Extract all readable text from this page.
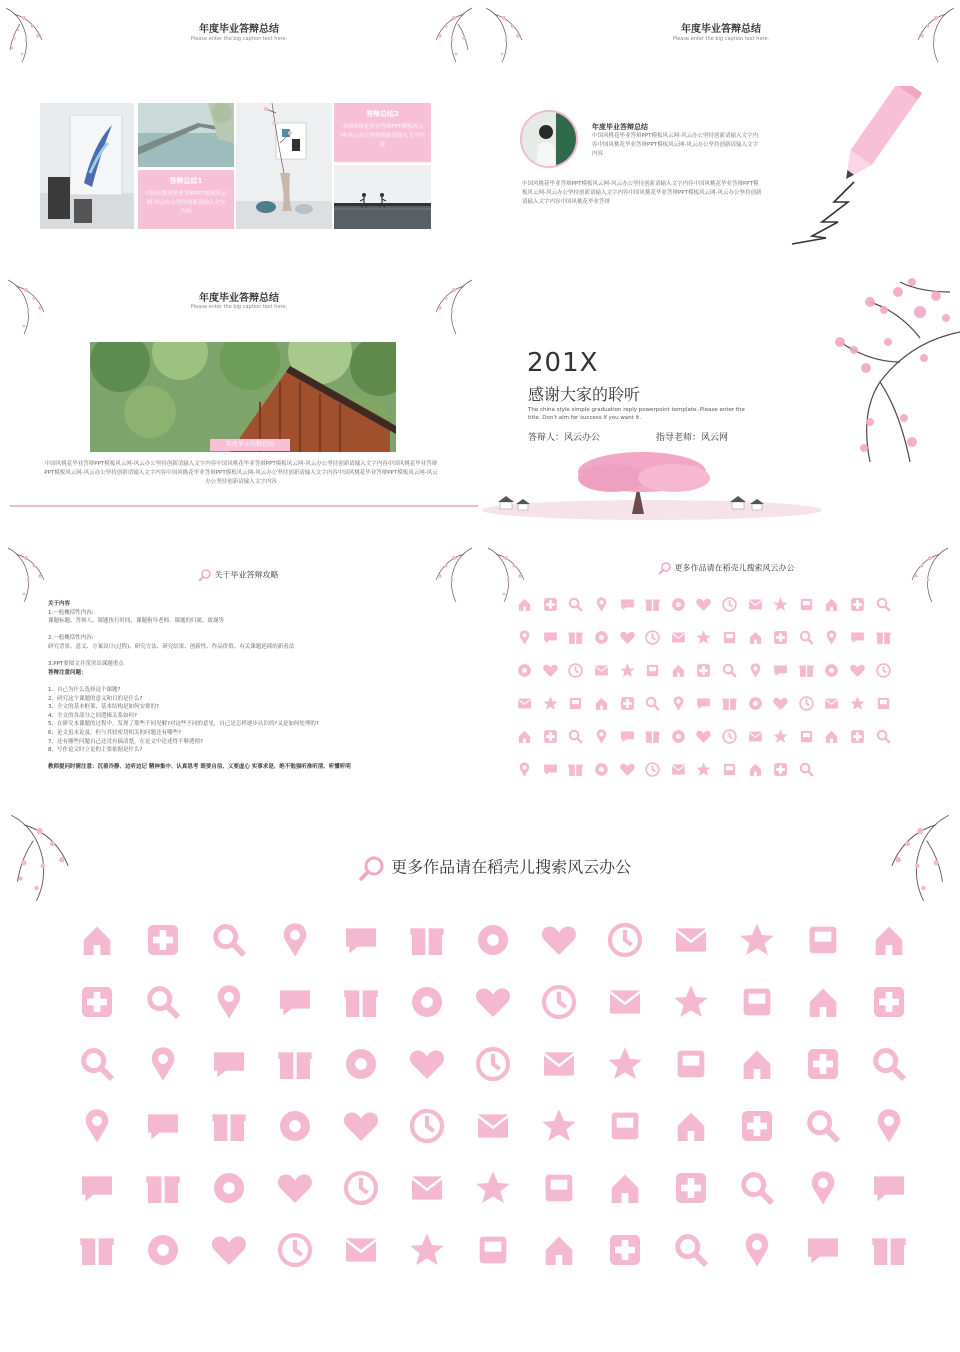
年度毕业答辩总结
Please enter the big caption text here.
答辩总结1
中国风桃花毕业答辩PPT模板风云网-风云办公坚持创新请输入文字内容
答辩总结2
中国风桃花毕业答辩PPT模板风云网-风云办公坚持创新请输入文字内容
年度毕业答辩总结
Please enter the big caption text here.
年度毕业答辩总结
中国风桃花毕业答辩PPT模板风云网-风云办公坚持创新请输入文字内容中国风桃花毕业答辩PPT模板风云网-风云办公坚持创新请输入文字内容
中国风桃花毕业答辩PPT模板风云网-风云办公坚持创新请输入文字内容中国风桃花毕业答辩PPT模板风云网-风云办公坚持创新请输入文字内容中国风桃花毕业答辩PPT模板风云网-风云办公坚持创新请输入文字内容中国风桃花毕业答辩
年度毕业答辩总结
Please enter the big caption text here.
年度毕业答辩总结
中国风桃花毕业答辩PPT模板风云网-风云办公坚持创新请输入文字内容中国风桃花毕业答辩PPT模板风云网-风云办公坚持创新请输入文字内容中国风桃花毕业答辩PPT模板风云网-风云办公坚持创新请输入文字内容中国风桃花毕业答辩PPT模板风云网-风云办公坚持创新请输入文字内容中国风桃花毕业答辩PPT模板风云网-风云办公坚持创新请输入文字内容
201X
感谢大家的聆听
The china style simple graduation reply powerpoint template. Please enter the title. Don't aim for success if you want it.
答辩人：风云办公	指导老师：风云网
关于毕业答辩攻略
关于内容
1.一般概括性内容:
课题标题、答辩人、课题执行时间、课题指导老师、课题的归属、致谢等

2.一般概括性内容:
研究背景、意义、方案设计(过程)、研究方法、研究结果、创新性、作品价值、有关课题延续的新看法

3.PPT要图文并茂突出课题重点
答辩注意问题：

1、自己为什么选择这个课题?
2、研究这个课题的意义和目的是什么?
3、全文的基本框架、基本结构是如何安排的?
4、全文的各部分之间逻辑关系如何?
5、在研究本课题的过程中，发现了那些不同见解?对这些不同的意见，自己是怎样逐步认识的?又是如何处理的?
6、论文虽未论及，但与其较密切相关的问题还有哪些?
7、还有哪些问题自己还没有搞清楚，在论文中论述得不够透彻?
8、写作论文时立论的主要依据是什么?

教师提问时需注意：沉着冷静、边听边记 精神集中、认真思考 既要自信、又要虚心 实事求是、绝不勉强听准听清、听懂听明
更多作品请在稻壳儿搜索风云办公
更多作品请在稻壳儿搜索风云办公
